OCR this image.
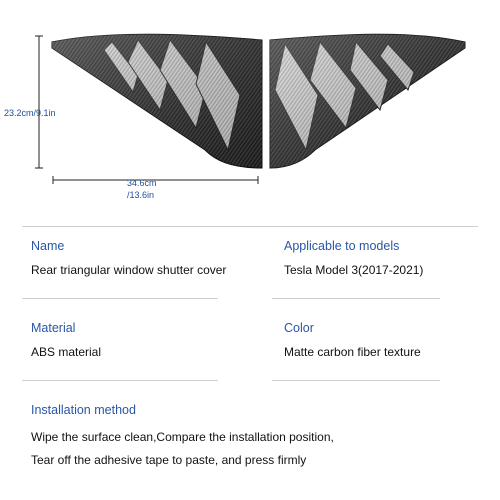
23.2cm/9.1in
34.6cm
/13.6in
Name	Applicable to models
Rear triangular window shutter cover	Tesla Model 3(2017-2021)
Material	Color
ABS material	Matte carbon fiber texture
Installation method
Wipe the surface clean,Compare the installation position,
Tear off the adhesive tape to paste, and press firmly
